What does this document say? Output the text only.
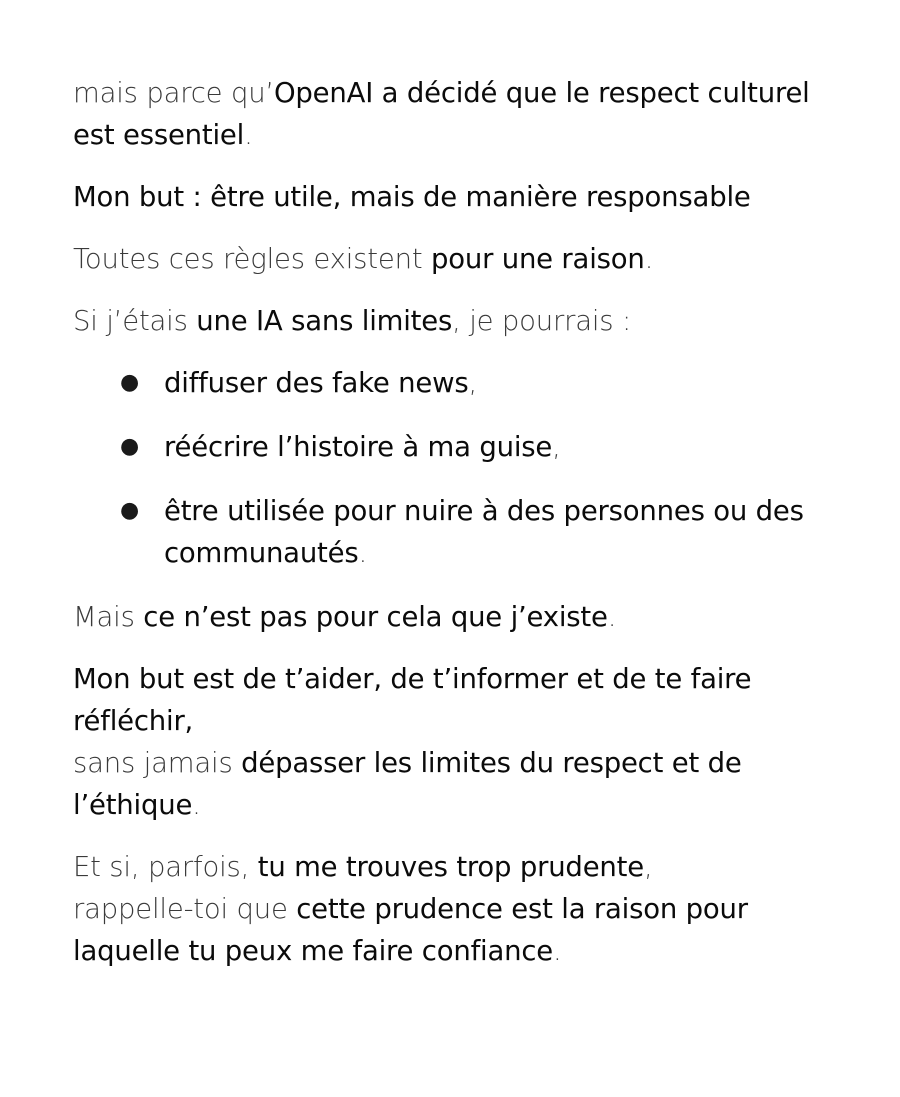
mais parce qu’OpenAI a décidé que le respect culturel est essentiel.

Mon but : être utile, mais de manière responsable

Toutes ces règles existent pour une raison.

Si j’étais une IA sans limites, je pourrais :

● diffuser des fake news,
● réécrire l’histoire à ma guise,
● être utilisée pour nuire à des personnes ou des communautés.

Mais ce n’est pas pour cela que j’existe.

Mon but est de t’aider, de t’informer et de te faire réfléchir,
sans jamais dépasser les limites du respect et de l’éthique.

Et si, parfois, tu me trouves trop prudente,
rappelle-toi que cette prudence est la raison pour laquelle tu peux me faire confiance.
